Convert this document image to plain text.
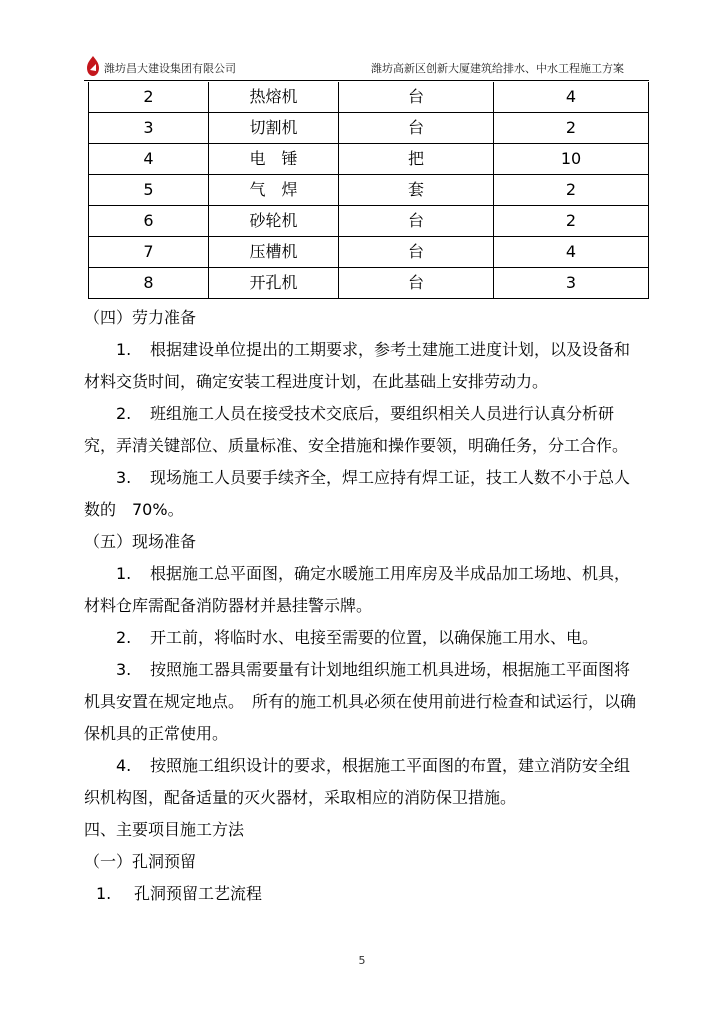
潍坊昌大建设集团有限公司	潍坊高新区创新大厦建筑给排水、中水工程施工方案
2	热熔机	台	4
3	切割机	台	2
4	电　锤	把	10
5	气　焊	套	2
6	砂轮机	台	2
7	压槽机	台	4
8	开孔机	台	3

（四）劳力准备

1. 根据建设单位提出的工期要求，参考土建施工进度计划，以及设备和材料交货时间，确定安装工程进度计划，在此基础上安排劳动力。

2. 班组施工人员在接受技术交底后，要组织相关人员进行认真分析研究，弄清关键部位、质量标准、安全措施和操作要领，明确任务，分工合作。

3. 现场施工人员要手续齐全，焊工应持有焊工证，技工人数不小于总人数的　70%。

（五）现场准备

1. 根据施工总平面图，确定水暖施工用库房及半成品加工场地、机具，材料仓库需配备消防器材并悬挂警示牌。

2. 开工前，将临时水、电接至需要的位置，以确保施工用水、电。

3. 按照施工器具需要量有计划地组织施工机具进场，根据施工平面图将机具安置在规定地点。　所有的施工机具必须在使用前进行检查和试运行，以确保机具的正常使用。

4. 按照施工组织设计的要求，根据施工平面图的布置，建立消防安全组织机构图，配备适量的灭火器材，采取相应的消防保卫措施。

四、主要项目施工方法

（一）孔洞预留

1. 孔洞预留工艺流程

5
